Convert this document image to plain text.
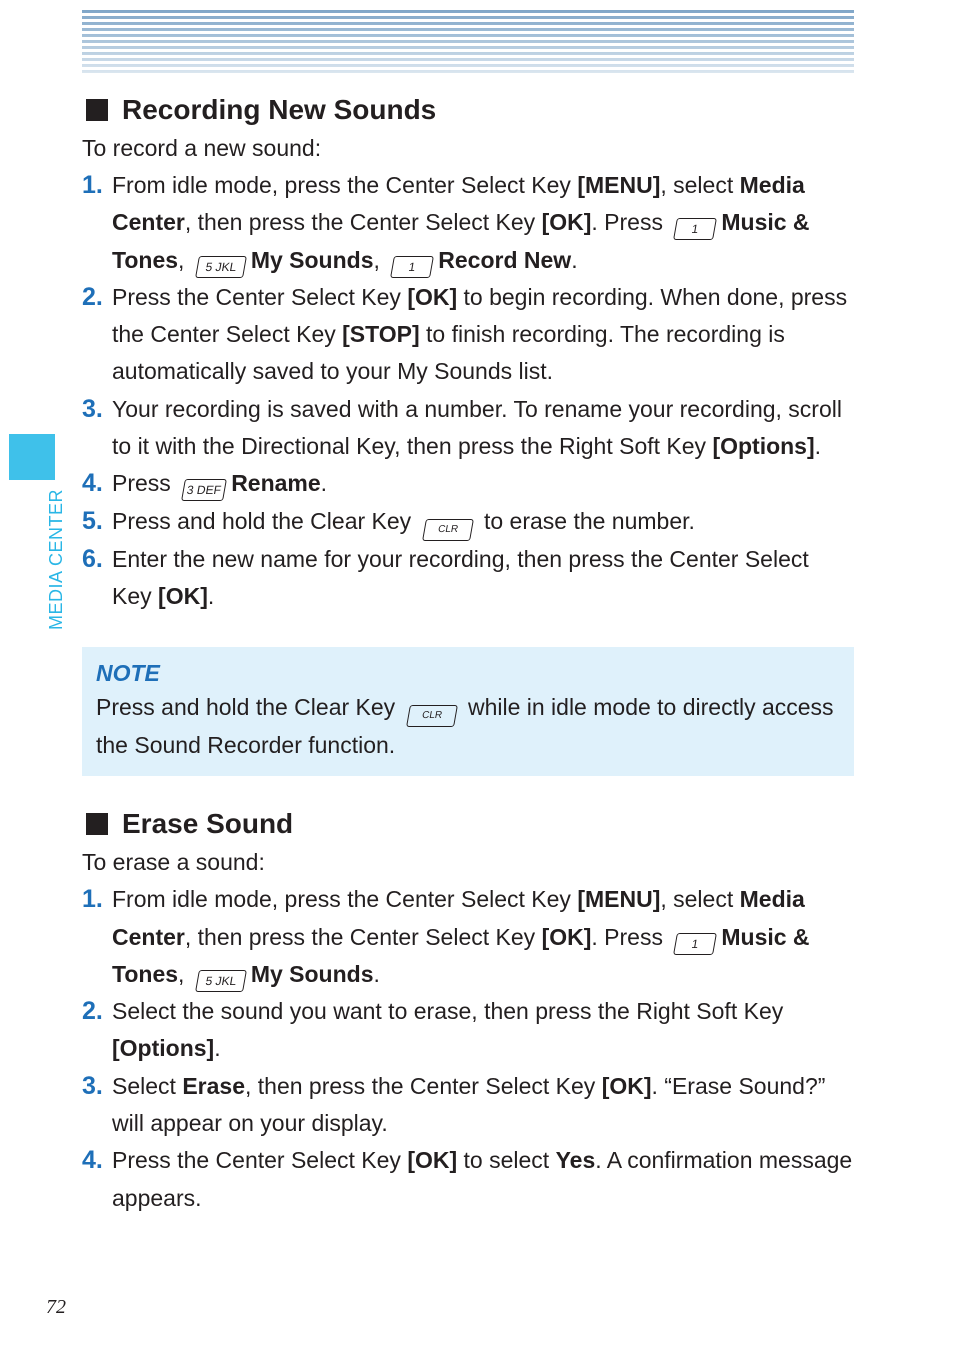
MEDIA CENTER
Recording New Sounds

To record a new sound:

1. From idle mode, press the Center Select Key [MENU], select Media Center, then press the Center Select Key [OK]. Press 1 Music & Tones, 5 JKL My Sounds, 1 Record New.
2. Press the Center Select Key [OK] to begin recording. When done, press the Center Select Key [STOP] to finish recording. The recording is automatically saved to your My Sounds list.
3. Your recording is saved with a number. To rename your recording, scroll to it with the Directional Key, then press the Right Soft Key [Options].
4. Press 3 DEF Rename.
5. Press and hold the Clear Key CLR to erase the number.
6. Enter the new name for your recording, then press the Center Select Key [OK].
NOTE
Press and hold the Clear Key CLR while in idle mode to directly access the Sound Recorder function.
Erase Sound

To erase a sound:

1. From idle mode, press the Center Select Key [MENU], select Media Center, then press the Center Select Key [OK]. Press 1 Music & Tones, 5 JKL My Sounds.
2. Select the sound you want to erase, then press the Right Soft Key [Options].
3. Select Erase, then press the Center Select Key [OK]. “Erase Sound?” will appear on your display.
4. Press the Center Select Key [OK] to select Yes. A confirmation message appears.
72
